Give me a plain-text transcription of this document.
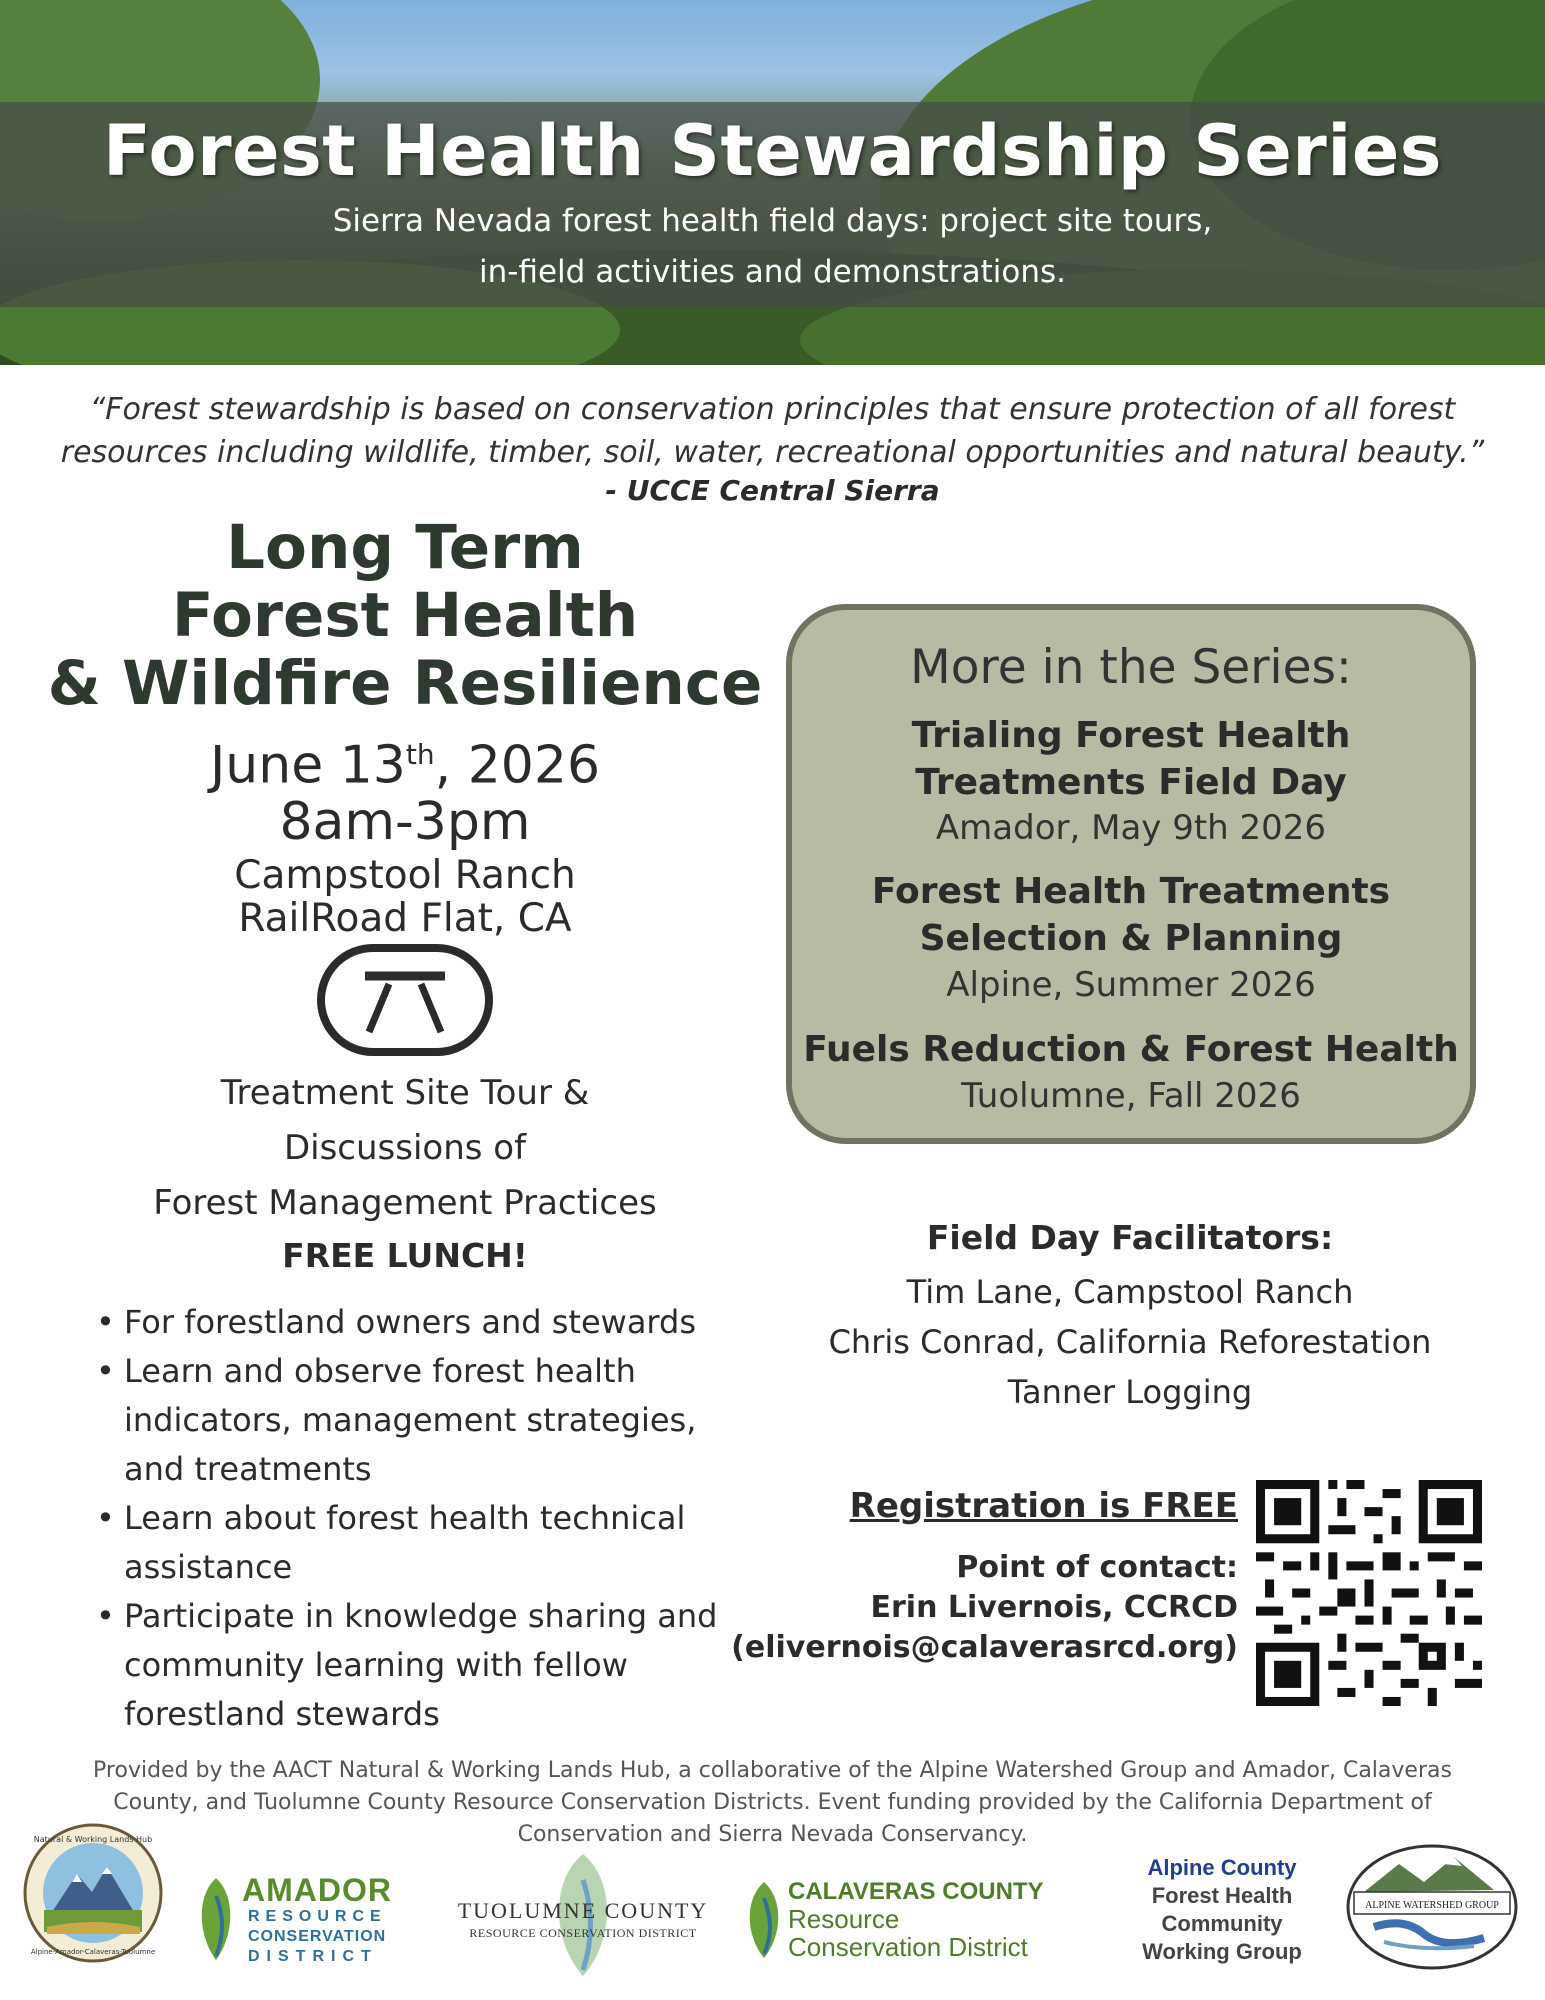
Forest Health Stewardship Series
Sierra Nevada forest health field days: project site tours,
in-field activities and demonstrations.
“Forest stewardship is based on conservation principles that ensure protection of all forest
resources including wildlife, timber, soil, water, recreational opportunities and natural beauty.”
- UCCE Central Sierra
Long Term
Forest Health
& Wildfire Resilience
June 13th, 2026
8am-3pm
Campstool Ranch
RailRoad Flat, CA
Treatment Site Tour &
Discussions of
Forest Management Practices
FREE LUNCH!
• For forestland owners and stewards
• Learn and observe forest health
indicators, management strategies,
and treatments
• Learn about forest health technical
assistance
• Participate in knowledge sharing and
community learning with fellow
forestland stewards
More in the Series:
Trialing Forest Health
Treatments Field Day
Amador, May 9th 2026
Forest Health Treatments
Selection & Planning
Alpine, Summer 2026
Fuels Reduction & Forest Health
Tuolumne, Fall 2026
Field Day Facilitators:
Tim Lane, Campstool Ranch
Chris Conrad, California Reforestation
Tanner Logging
Registration is FREE
Point of contact:
Erin Livernois, CCRCD
(elivernois@calaverasrcd.org)
Provided by the AACT Natural & Working Lands Hub, a collaborative of the Alpine Watershed Group and Amador, Calaveras County, and Tuolumne County Resource Conservation Districts. Event funding provided by the California Department of Conservation and Sierra Nevada Conservancy.
Natural & Working Lands Hub
Alpine-Amador-Calaveras-Tuolumne
AMADOR
RESOURCE
CONSERVATION
DISTRICT
TUOLUMNE COUNTY
RESOURCE CONSERVATION DISTRICT
CALAVERAS COUNTY
Resource
Conservation District
Alpine County
Forest Health
Community
Working Group
ALPINE WATERSHED GROUP
